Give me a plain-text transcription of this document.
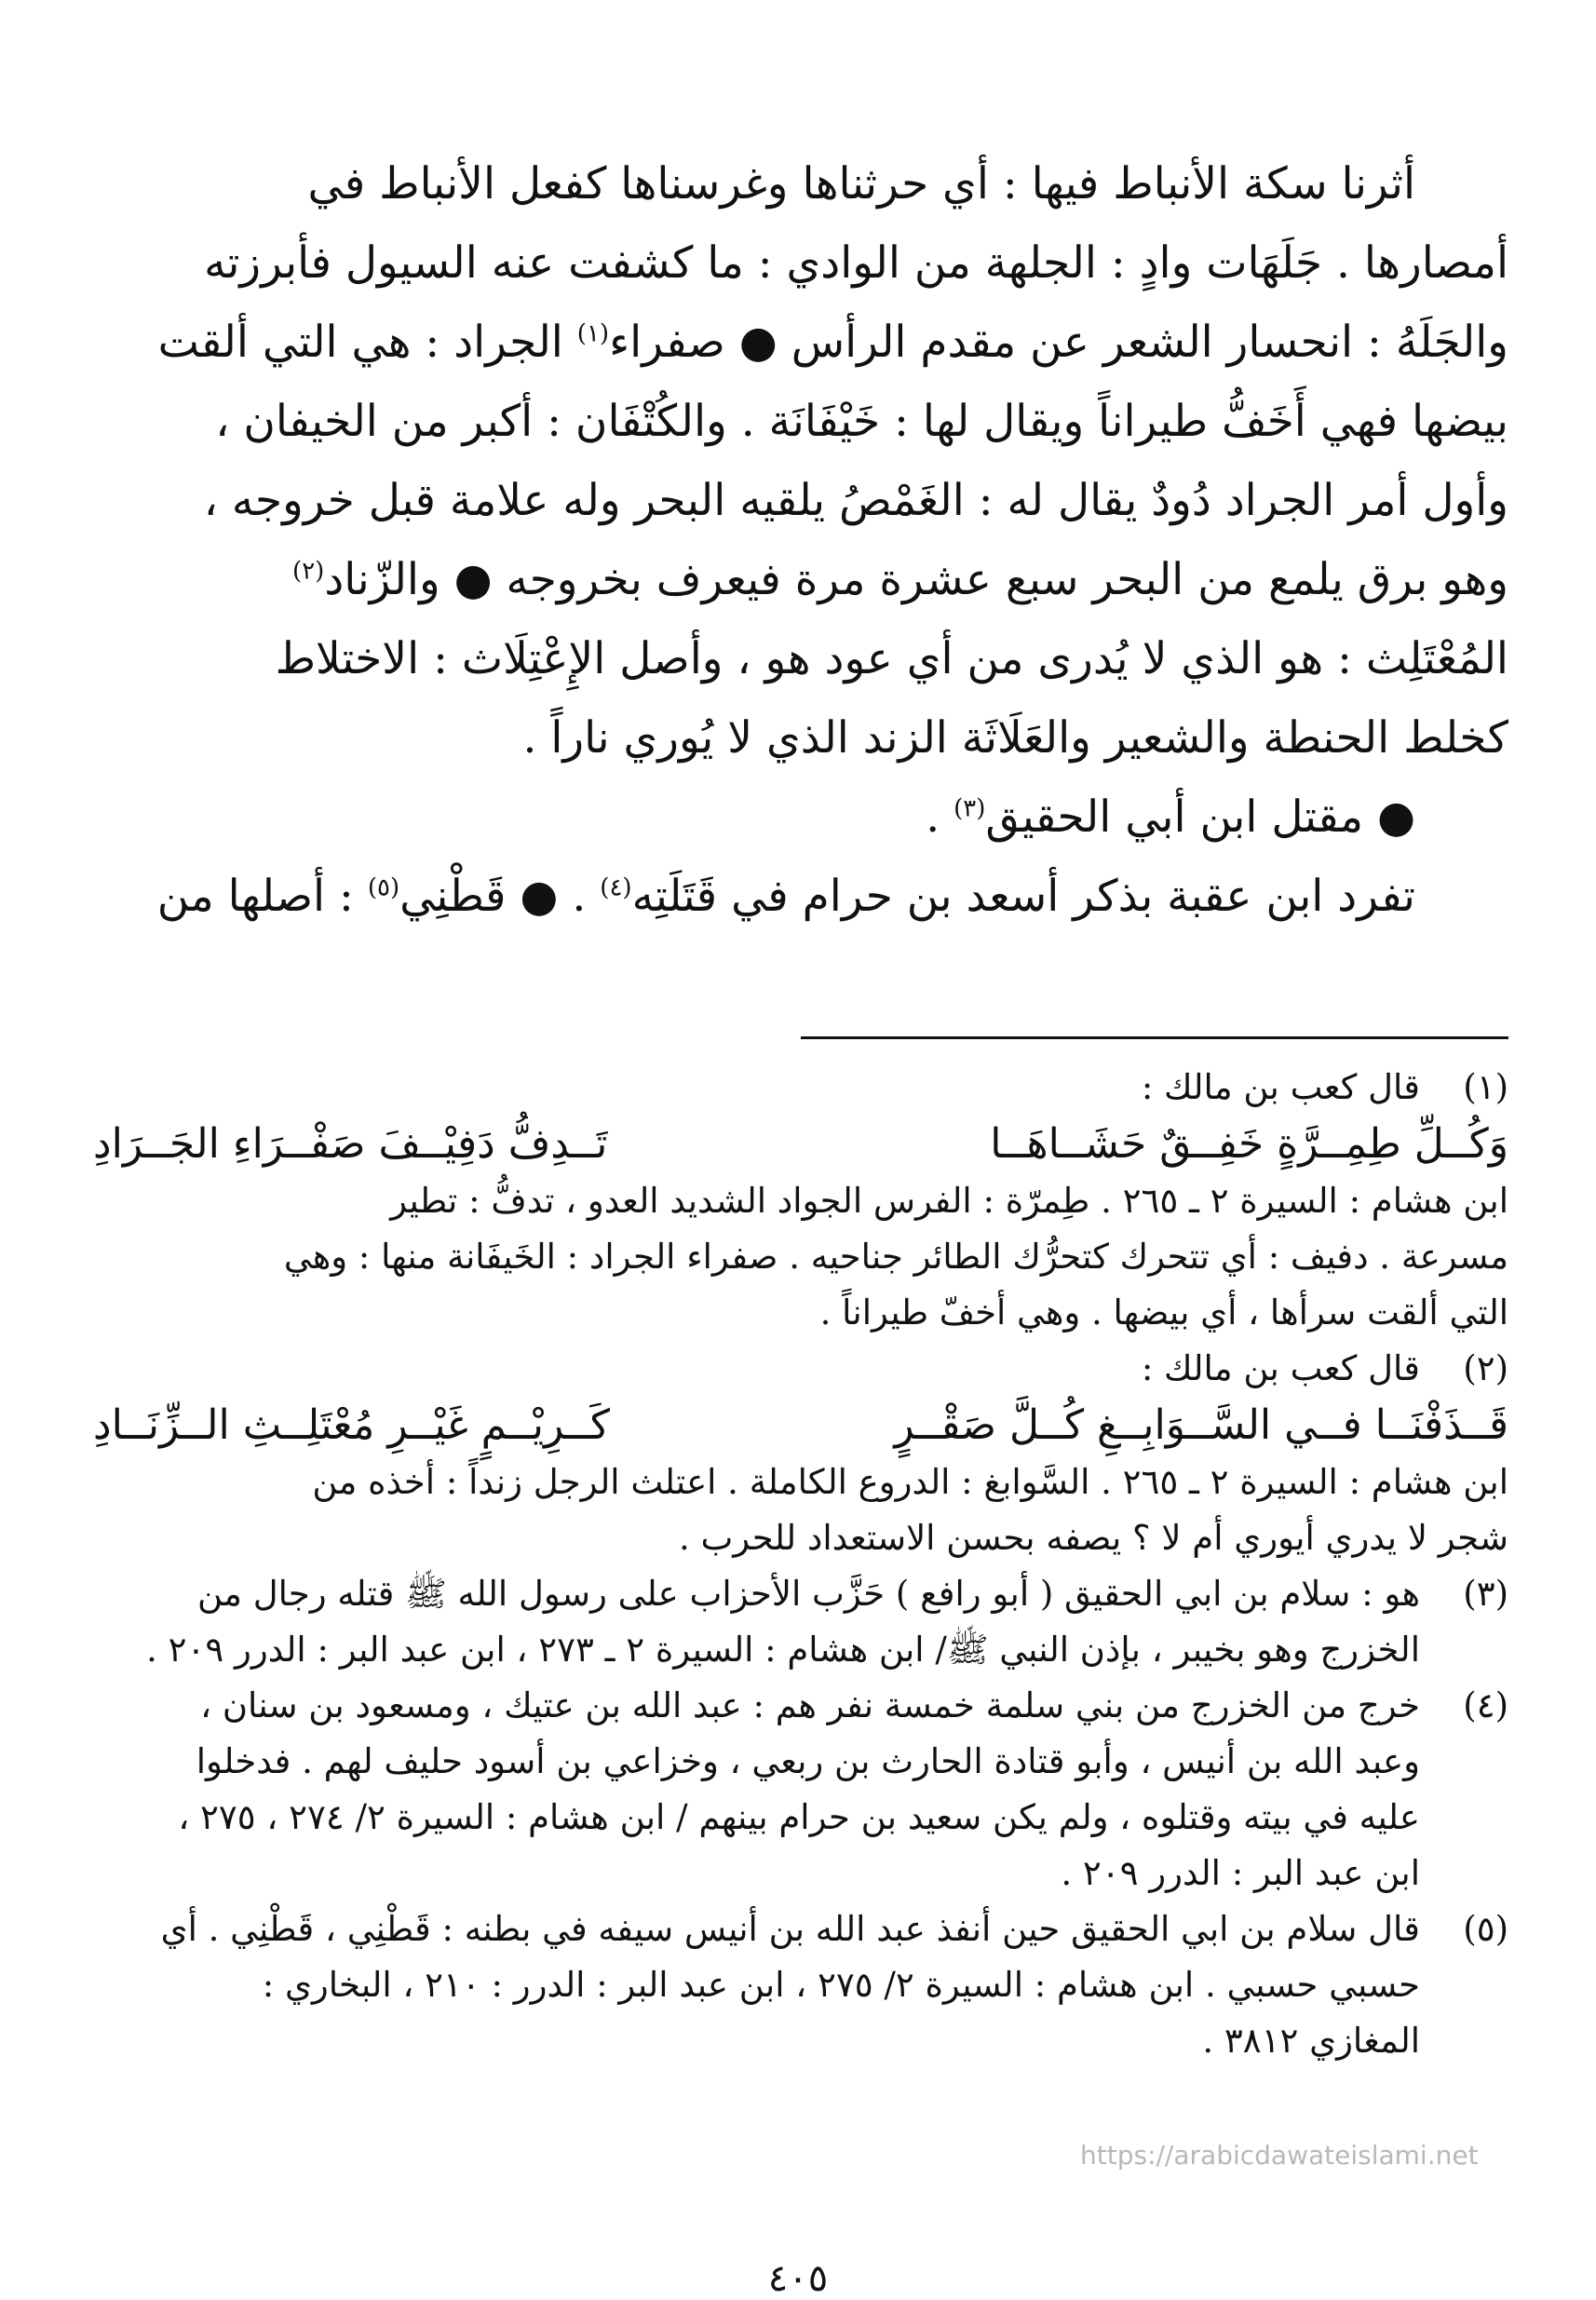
أثرنا سكة الأنباط فيها : أي حرثناها وغرسناها كفعل الأنباط في

أمصارها . جَلَهَات وادٍ : الجلهة من الوادي : ما كشفت عنه السيول فأبرزته

والجَلَهُ : انحسار الشعر عن مقدم الرأس ● صفراء$^{(١)}$ الجراد : هي التي ألقت

بيضها فهي أَخَفُّ طيراناً ويقال لها : خَيْفَانَة . والكُتْفَان : أكبر من الخيفان ،

وأول أمر الجراد دُودٌ يقال له : الغَمْصُ يلقيه البحر وله علامة قبل خروجه ،

وهو برق يلمع من البحر سبع عشرة مرة فيعرف بخروجه ● والزّناد$^{(٢)}$

المُعْتَلِث : هو الذي لا يُدرى من أي عود هو ، وأصل الإِعْتِلَاث : الاختلاط

كخلط الحنطة والشعير والعَلَاثَة الزند الذي لا يُوري ناراً .

● مقتل ابن أبي الحقيق$^{(٣)}$ .

تفرد ابن عقبة بذكر أسعد بن حرام في قَتَلَتِه$^{(٤)}$ . ● قَطْنِي$^{(٥)}$ : أصلها من

(١)
قال كعب بن مالك :
وَكُــلِّ طِمِــرَّةٍ خَفِــقٌ حَشَــاهَــا
تَــدِفُّ دَفِيْــفَ صَفْــرَاءِ الجَــرَادِ
ابن هشام : السيرة ٢ ـ ٢٦٥ . طِمرّة : الفرس الجواد الشديد العدو ، تدفُّ : تطير
مسرعة . دفيف : أي تتحرك كتحرُّك الطائر جناحيه . صفراء الجراد : الخَيفَانة منها : وهي
التي ألقت سرأها ، أي بيضها . وهي أخفّ طيراناً .
(٢)
قال كعب بن مالك :
قَــذَفْنَــا فــي السَّــوَابِــغِ كُــلَّ صَقْــرٍ
كَــرِيْــمٍ غَيْــرِ مُعْتَلِــثِ الــزِّنَــادِ
ابن هشام : السيرة ٢ ـ ٢٦٥ . السَّوابغ : الدروع الكاملة . اعتلث الرجل زنداً : أخذه من
شجر لا يدري أيوري أم لا ؟ يصفه بحسن الاستعداد للحرب .
(٣)
هو : سلام بن ابي الحقيق ( أبو رافع ) حَزَّب الأحزاب على رسول الله ﷺ قتله رجال من
الخزرج وهو بخيبر ، بإذن النبي ﷺ/ ابن هشام : السيرة ٢ ـ ٢٧٣ ، ابن عبد البر : الدرر ٢٠٩ .
(٤)
خرج من الخزرج من بني سلمة خمسة نفر هم : عبد الله بن عتيك ، ومسعود بن سنان ،
وعبد الله بن أنيس ، وأبو قتادة الحارث بن ربعي ، وخزاعي بن أسود حليف لهم . فدخلوا
عليه في بيته وقتلوه ، ولم يكن سعيد بن حرام بينهم / ابن هشام : السيرة ٢/ ٢٧٤ ، ٢٧٥ ،
ابن عبد البر : الدرر ٢٠٩ .
(٥)
قال سلام بن ابي الحقيق حين أنفذ عبد الله بن أنيس سيفه في بطنه : قَطْنِي ، قَطْنِي . أي
حسبي حسبي . ابن هشام : السيرة ٢/ ٢٧٥ ، ابن عبد البر : الدرر : ٢١٠ ، البخاري :
المغازي ٣٨١٢ .
https://arabicdawateislami.net
٤٠٥
